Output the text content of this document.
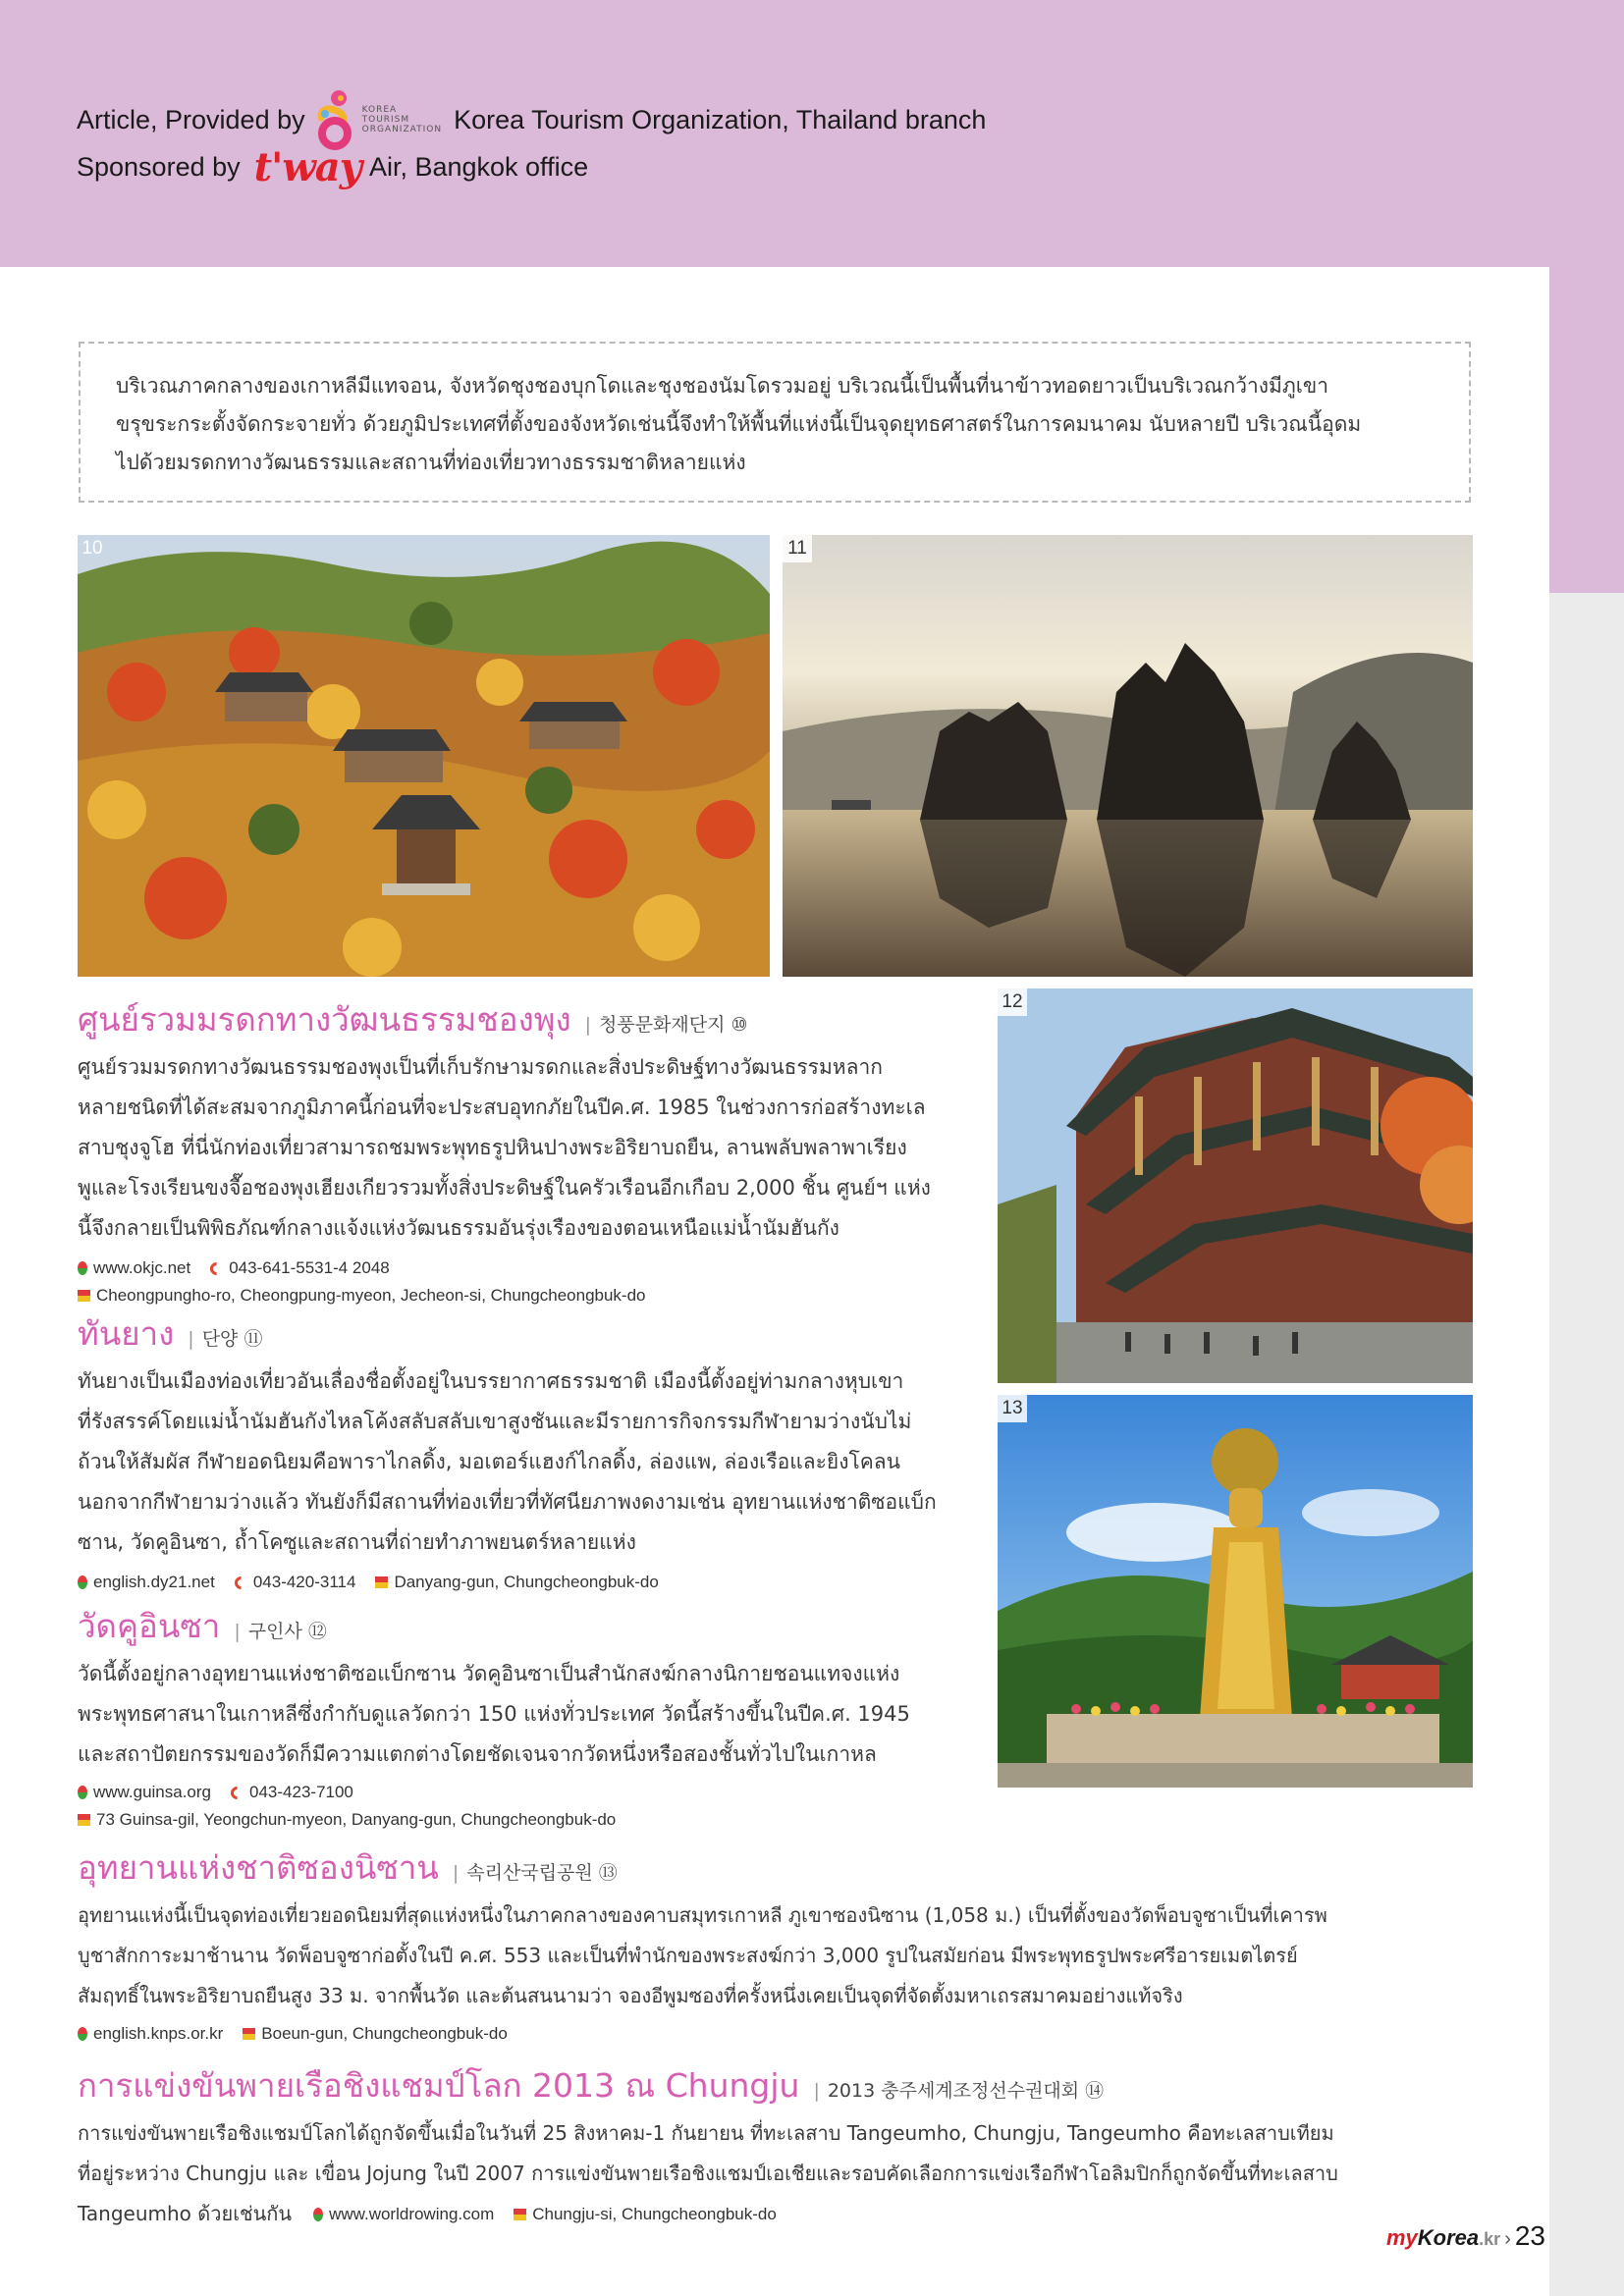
Article, Provided by	KOREA
TOURISM
ORGANIZATION Korea Tourism Organization, Thailand branch
Sponsored by t'way Air, Bangkok office
บริเวณภาคกลางของเกาหลีมีแทจอน, จังหวัดชุงชองบุกโดและชุงชองนัมโดรวมอยู่ บริเวณนี้เป็นพื้นที่นาข้าวทอดยาวเป็นบริเวณกว้างมีภูเขา
ขรุขระกระตั้งจัดกระจายทั่ว ด้วยภูมิประเทศที่ตั้งของจังหวัดเช่นนี้จึงทำให้พื้นที่แห่งนี้เป็นจุดยุทธศาสตร์ในการคมนาคม นับหลายปี บริเวณนี้อุดม
ไปด้วยมรดกทางวัฒนธรรมและสถานที่ท่องเที่ยวทางธรรมชาติหลายแห่ง
10	11
12
13
ศูนย์รวมมรดกทางวัฒนธรรมชองพุง	| 청풍문화재단지 ⑩
ศูนย์รวมมรดกทางวัฒนธรรมชองพุงเป็นที่เก็บรักษามรดกและสิ่งประดิษฐ์ทางวัฒนธรรมหลาก
หลายชนิดที่ได้สะสมจากภูมิภาคนี้ก่อนที่จะประสบอุทกภัยในปีค.ศ. 1985 ในช่วงการก่อสร้างทะเล
สาบชุงจูโฮ ที่นี่นักท่องเที่ยวสามารถชมพระพุทธรูปหินปางพระอิริยาบถยืน, ลานพลับพลาพาเรียง
พูและโรงเรียนขงจื๊อชองพุงเฮียงเกียวรวมทั้งสิ่งประดิษฐ์ในครัวเรือนอีกเกือบ 2,000 ชิ้น ศูนย์ฯ แห่ง
นี้จึงกลายเป็นพิพิธภัณฑ์กลางแจ้งแห่งวัฒนธรรมอันรุ่งเรืองของตอนเหนือแม่น้ำนัมฮันกัง
www.okjc.net 043-641-5531-4 2048
Cheongpungho-ro, Cheongpung-myeon, Jecheon-si, Chungcheongbuk-do
ทันยาง	| 단양 ⑪
ทันยางเป็นเมืองท่องเที่ยวอันเลื่องชื่อตั้งอยู่ในบรรยากาศธรรมชาติ เมืองนี้ตั้งอยู่ท่ามกลางหุบเขา
ที่รังสรรค์โดยแม่น้ำนัมฮันกังไหลโค้งสลับสลับเขาสูงชันและมีรายการกิจกรรมกีฬายามว่างนับไม่
ถ้วนให้สัมผัส กีฬายอดนิยมคือพาราไกลดิ้ง, มอเตอร์แฮงก์ไกลดิ้ง, ล่องแพ, ล่องเรือและยิงโคลน
นอกจากกีฬายามว่างแล้ว ทันยังก็มีสถานที่ท่องเที่ยวที่ทัศนียภาพงดงามเช่น อุทยานแห่งชาติซอแบ็ก
ซาน, วัดคูอินซา, ถ้ำโคซูและสถานที่ถ่ายทำภาพยนตร์หลายแห่ง
english.dy21.net 043-420-3114 Danyang-gun, Chungcheongbuk-do
วัดคูอินซา	| 구인사 ⑫
วัดนี้ตั้งอยู่กลางอุทยานแห่งชาติซอแบ็กซาน วัดคูอินซาเป็นสำนักสงฆ์กลางนิกายชอนแทจงแห่ง
พระพุทธศาสนาในเกาหลีซึ่งกำกับดูแลวัดกว่า 150 แห่งทั่วประเทศ วัดนี้สร้างขึ้นในปีค.ศ. 1945
และสถาปัตยกรรมของวัดก็มีความแตกต่างโดยชัดเจนจากวัดหนึ่งหรือสองชั้นทั่วไปในเกาหล
www.guinsa.org 043-423-7100
73 Guinsa-gil, Yeongchun-myeon, Danyang-gun, Chungcheongbuk-do
อุทยานแห่งชาติซองนิซาน	| 속리산국립공원 ⑬
อุทยานแห่งนี้เป็นจุดท่องเที่ยวยอดนิยมที่สุดแห่งหนึ่งในภาคกลางของคาบสมุทรเกาหลี ภูเขาซองนิซาน (1,058 ม.) เป็นที่ตั้งของวัดพ็อบจูซาเป็นที่เคารพ
บูชาสักการะมาช้านาน วัดพ็อบจูซาก่อตั้งในปี ค.ศ. 553 และเป็นที่พำนักของพระสงฆ์กว่า 3,000 รูปในสมัยก่อน มีพระพุทธรูปพระศรีอารยเมตไตรย์
สัมฤทธิ์ในพระอิริยาบถยืนสูง 33 ม. จากพื้นวัด และต้นสนนามว่า จองอีพูมซองที่ครั้งหนึ่งเคยเป็นจุดที่จัดตั้งมหาเถรสมาคมอย่างแท้จริง
english.knps.or.kr Boeun-gun, Chungcheongbuk-do
การแข่งขันพายเรือชิงแชมป์โลก 2013 ณ Chungju	| 2013 충주세계조정선수권대회 ⑭
การแข่งขันพายเรือชิงแชมป์โลกได้ถูกจัดขึ้นเมื่อในวันที่ 25 สิงหาคม-1 กันยายน ที่ทะเลสาบ Tangeumho, Chungju, Tangeumho คือทะเลสาบเทียม
ที่อยู่ระหว่าง Chungju และ เขื่อน Jojung ในปี 2007 การแข่งขันพายเรือชิงแชมป์เอเชียและรอบคัดเลือกการแข่งเรือกีฬาโอลิมปิกก็ถูกจัดขึ้นที่ทะเลสาบ
Tangeumho ด้วยเช่นกัน www.worldrowing.com Chungju-si, Chungcheongbuk-do
my Korea .kr › 23
